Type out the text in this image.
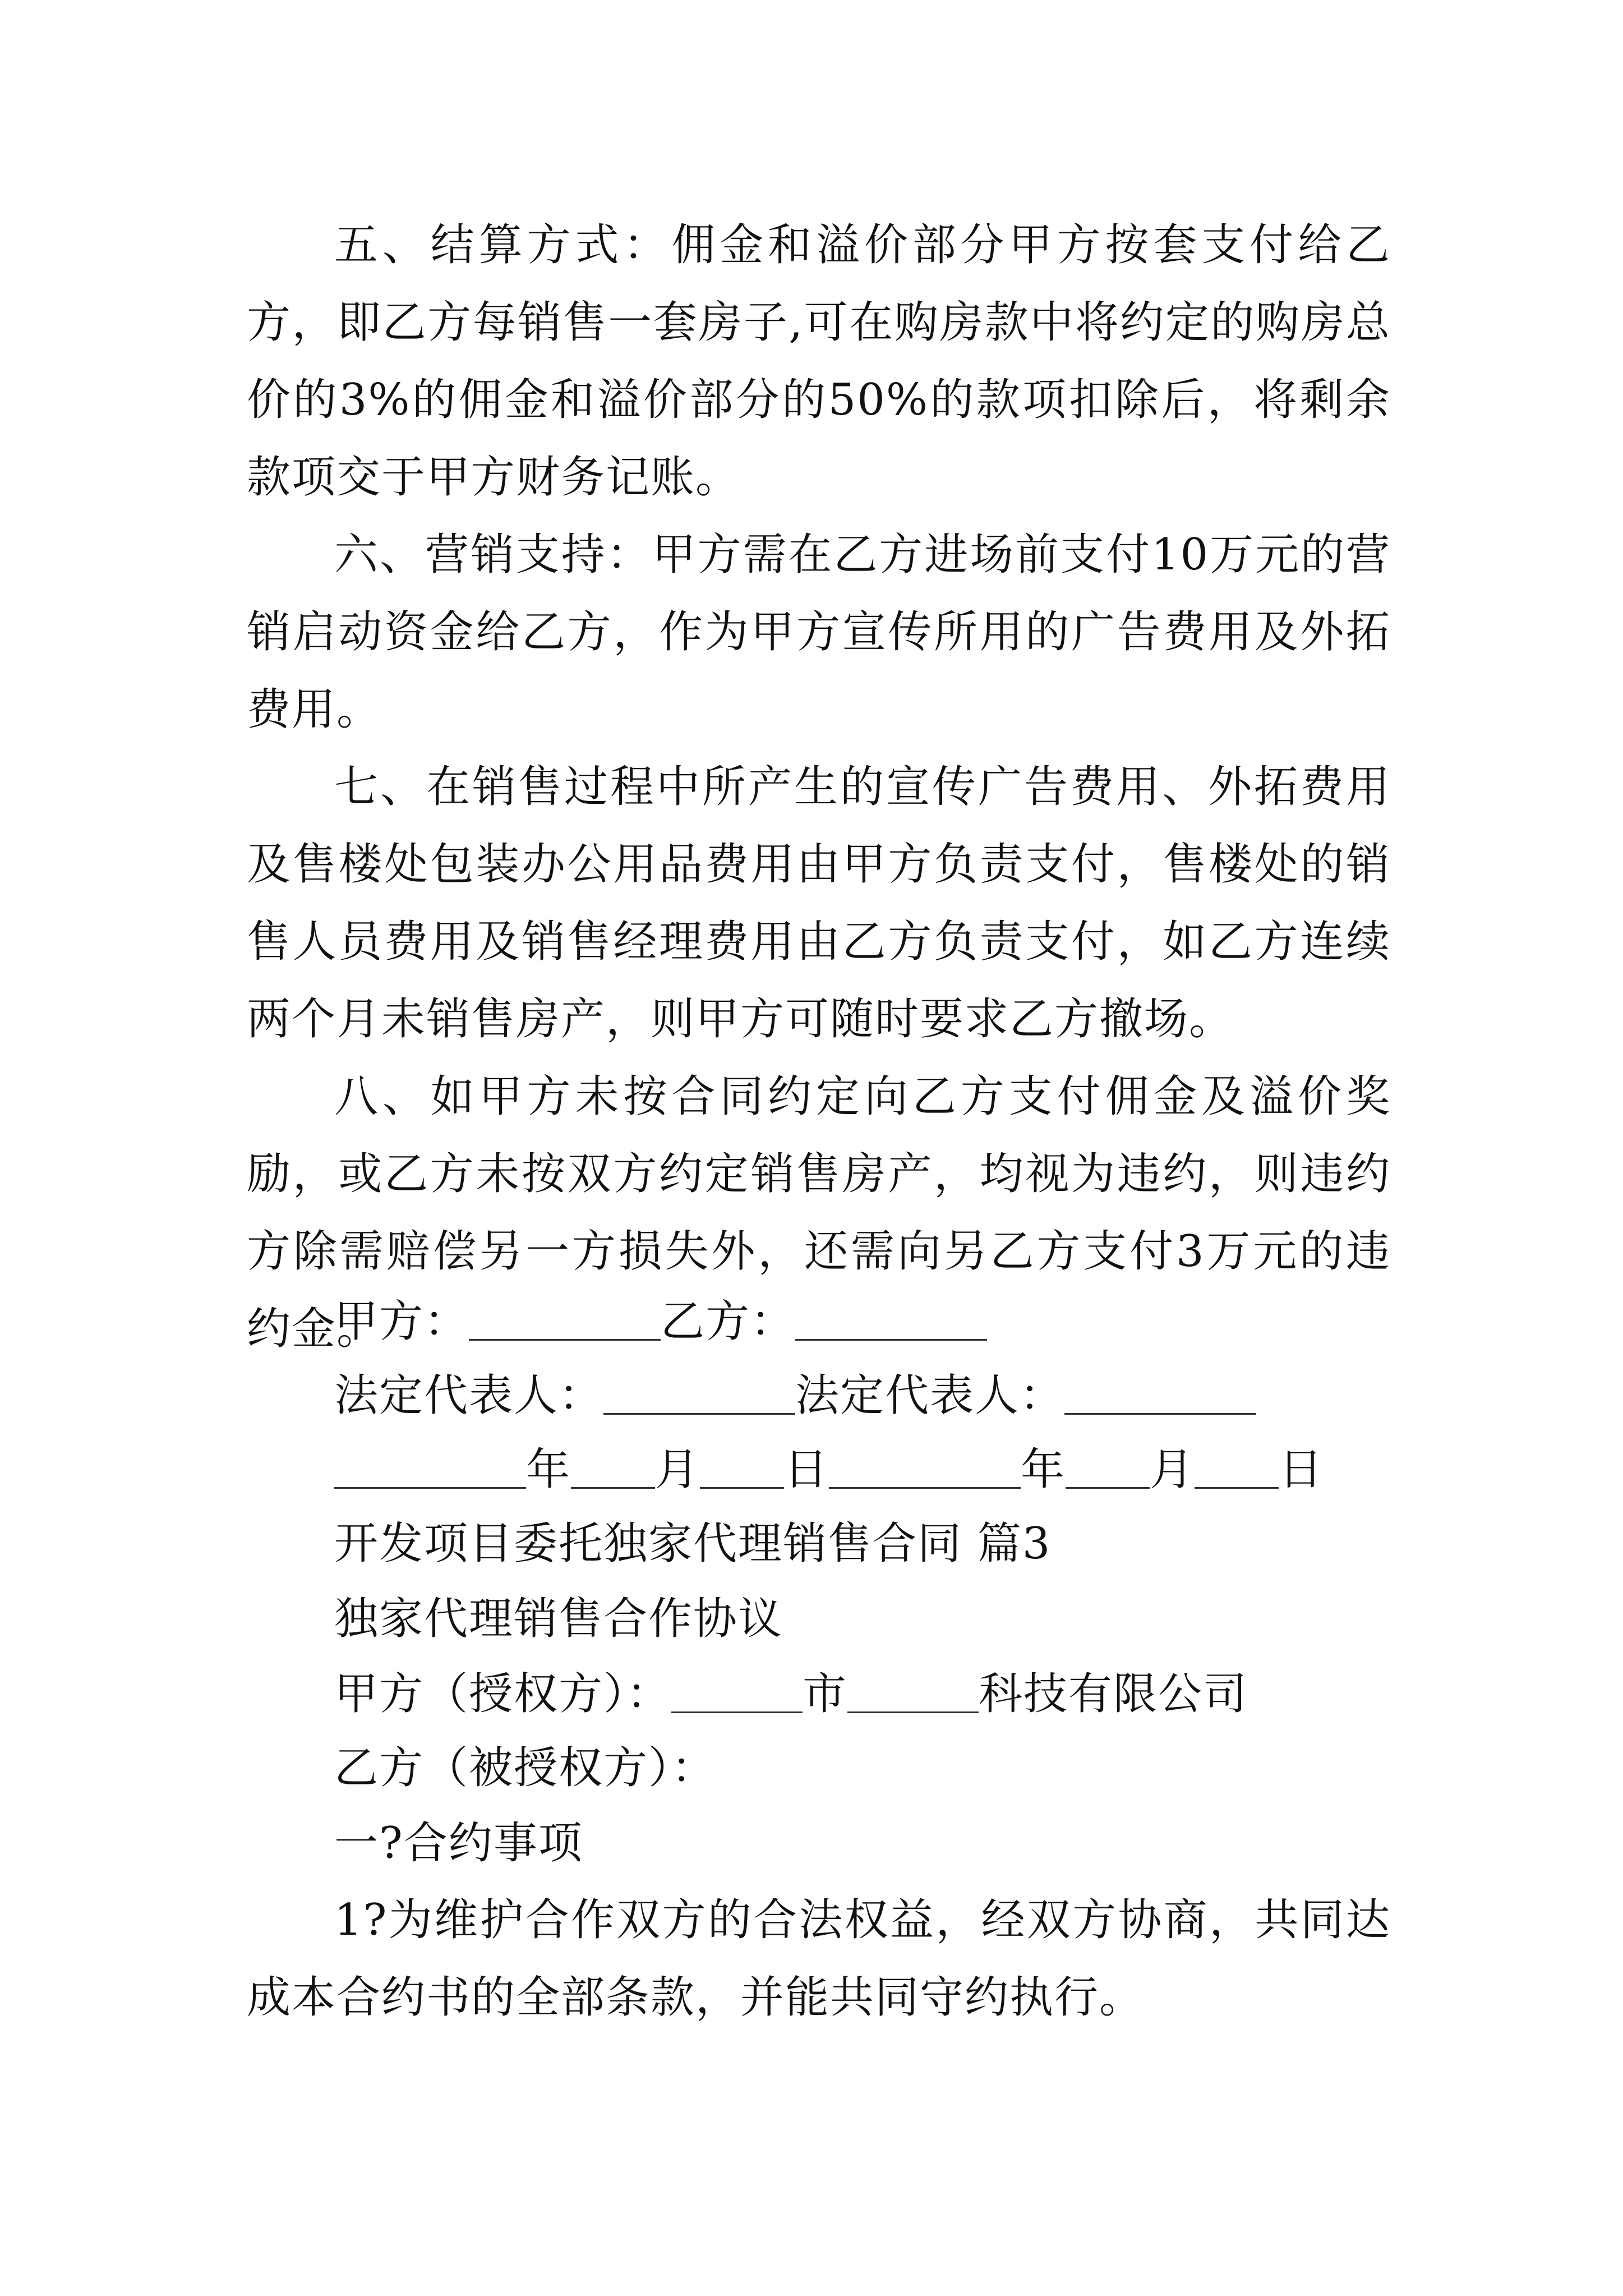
五、结算方式：佣金和溢价部分甲方按套支付给乙方，即乙方每销售一套房子,可在购房款中将约定的购房总价的3%的佣金和溢价部分的50%的款项扣除后，将剩余款项交于甲方财务记账。

六、营销支持：甲方需在乙方进场前支付10万元的营销启动资金给乙方，作为甲方宣传所用的广告费用及外拓费用。

七、在销售过程中所产生的宣传广告费用、外拓费用及售楼处包装办公用品费用由甲方负责支付，售楼处的销售人员费用及销售经理费用由乙方负责支付，如乙方连续两个月未销售房产，则甲方可随时要求乙方撤场。

八、如甲方未按合同约定向乙方支付佣金及溢价奖励，或乙方未按双方约定销售房产，均视为违约，则违约方除需赔偿另一方损失外，还需向另乙方支付3万元的违约金。

甲方：	乙方：
法定代表人：	法定代表人：
年 月 日	年 月 日
开发项目委托独家代理销售合同 篇3
独家代理销售合作协议
甲方（授权方）：	市	科技有限公司
乙方（被授权方）：
一?合约事项

1?为维护合作双方的合法权益，经双方协商，共同达成本合约书的全部条款，并能共同守约执行。
